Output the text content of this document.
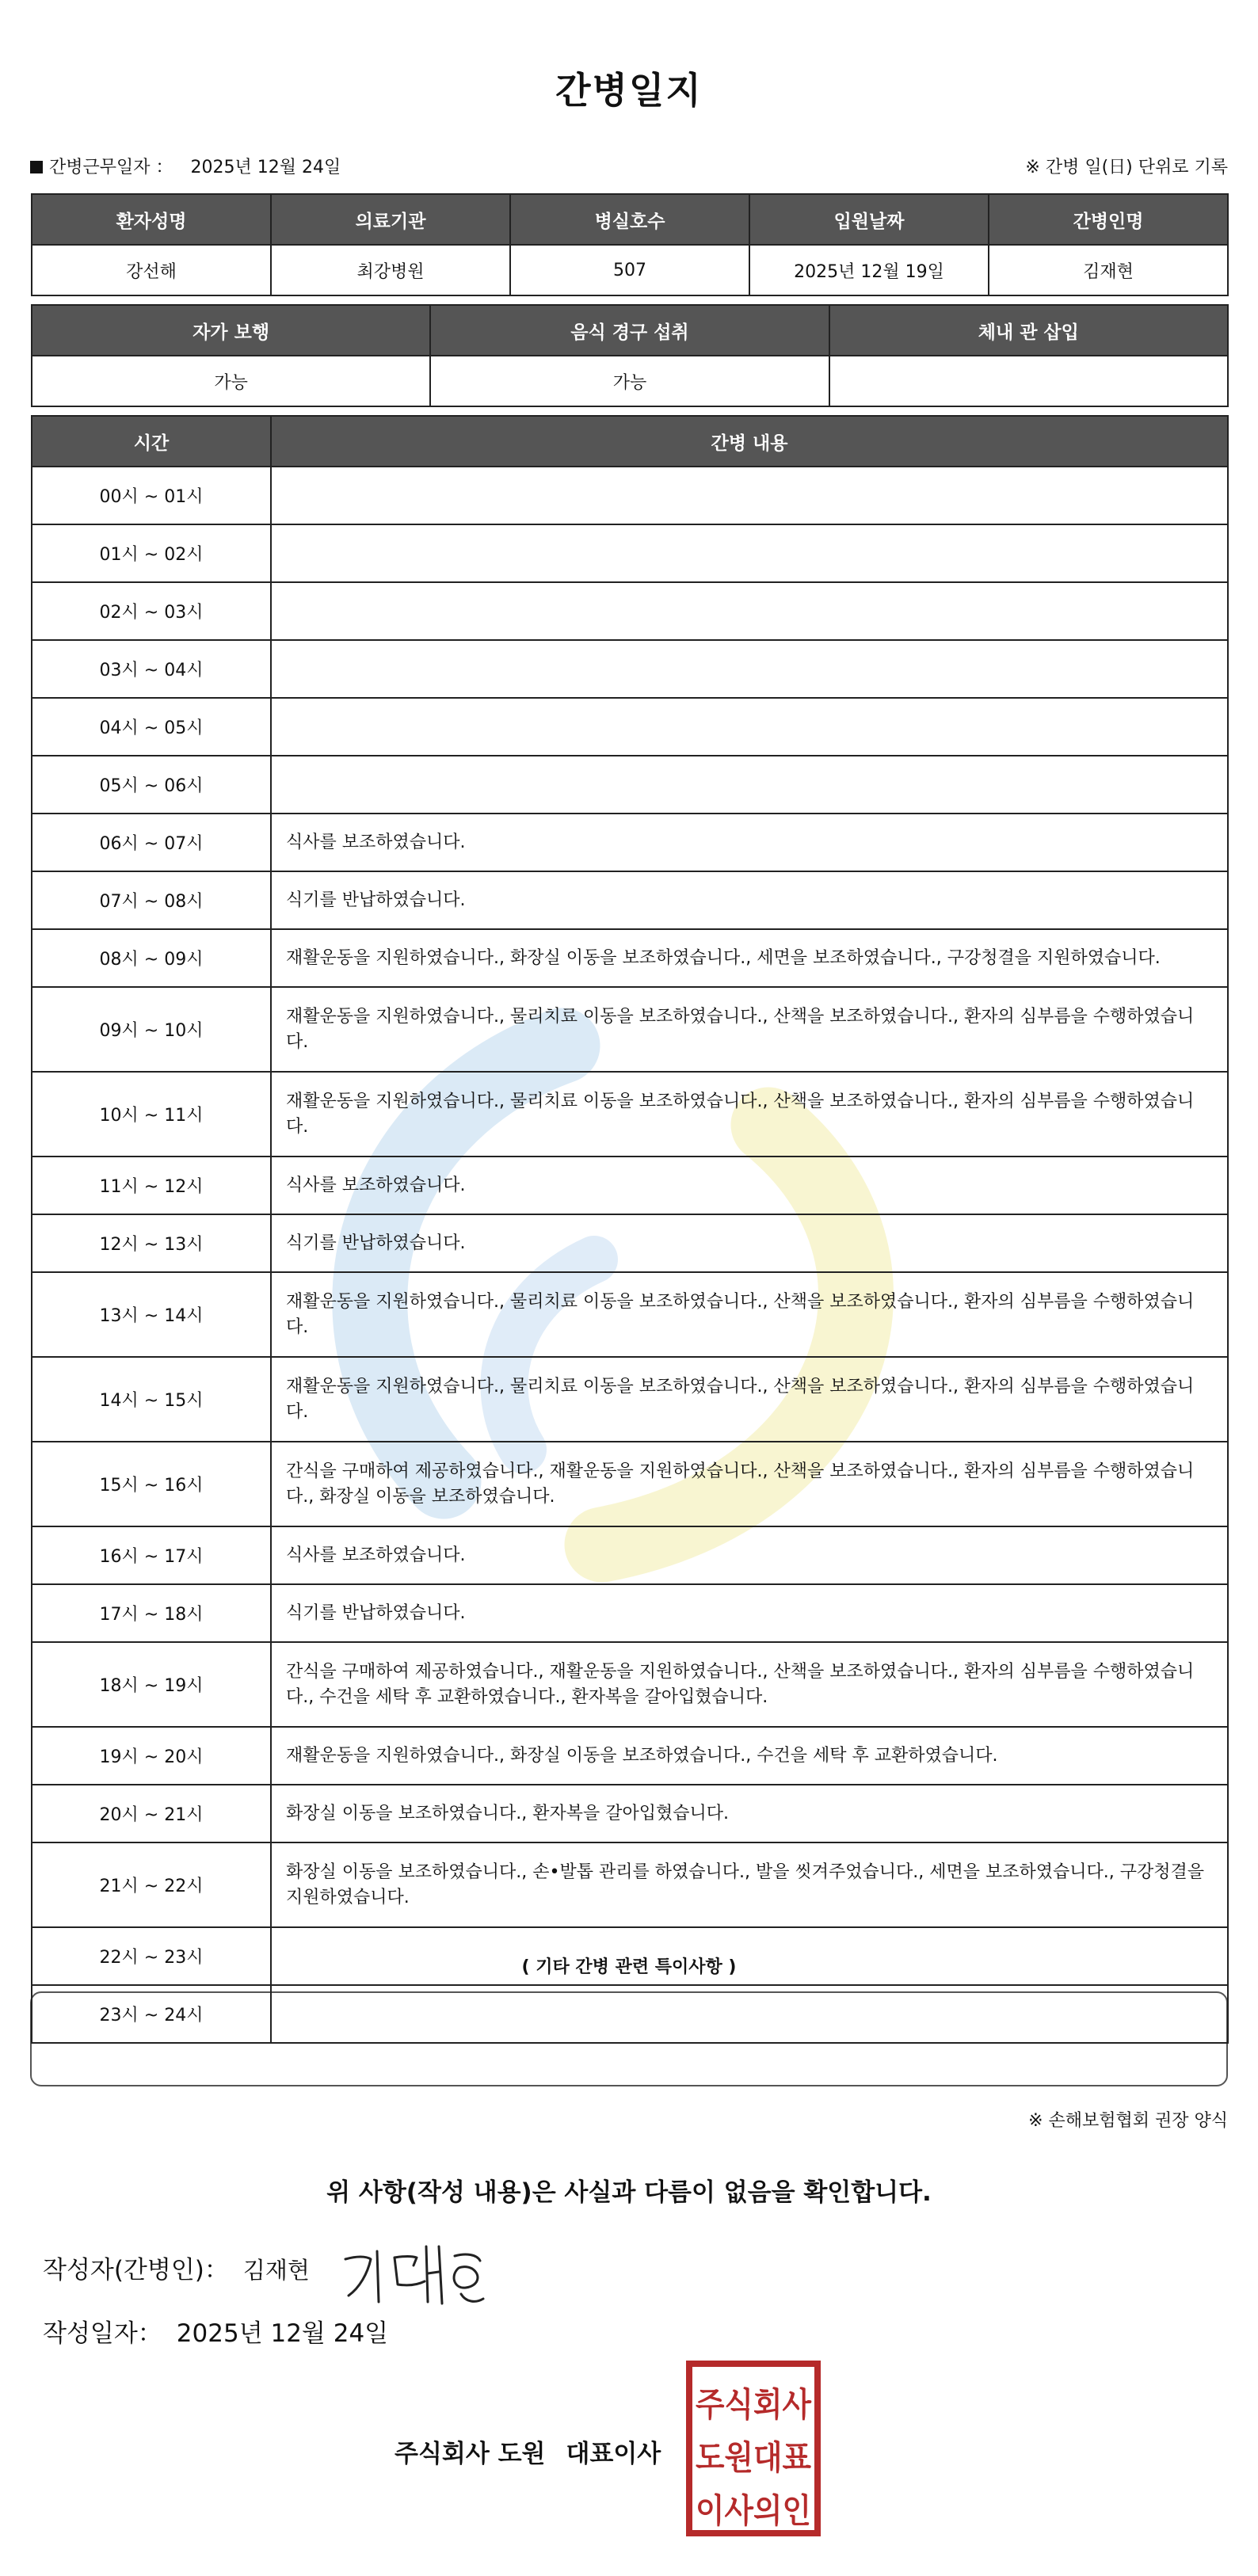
간병일지
간병근무일자 ： 2025년 12월 24일	※ 간병 일(日) 단위로 기록
환자성명	의료기관	병실호수	입원날짜	간병인명
강선해	최강병원	507	2025년 12월 19일	김재현
자가 보행	음식 경구 섭취	체내 관 삽입
가능	가능	
시간	간병 내용
00시 ~ 01시	
01시 ~ 02시	
02시 ~ 03시	
03시 ~ 04시	
04시 ~ 05시	
05시 ~ 06시	
06시 ~ 07시	식사를 보조하였습니다.
07시 ~ 08시	식기를 반납하였습니다.
08시 ~ 09시	재활운동을 지원하였습니다., 화장실 이동을 보조하였습니다., 세면을 보조하였습니다., 구강청결을 지원하였습니다.
09시 ~ 10시	재활운동을 지원하였습니다., 물리치료 이동을 보조하였습니다., 산책을 보조하였습니다., 환자의 심부름을 수행하였습니다.
10시 ~ 11시	재활운동을 지원하였습니다., 물리치료 이동을 보조하였습니다., 산책을 보조하였습니다., 환자의 심부름을 수행하였습니다.
11시 ~ 12시	식사를 보조하였습니다.
12시 ~ 13시	식기를 반납하였습니다.
13시 ~ 14시	재활운동을 지원하였습니다., 물리치료 이동을 보조하였습니다., 산책을 보조하였습니다., 환자의 심부름을 수행하였습니다.
14시 ~ 15시	재활운동을 지원하였습니다., 물리치료 이동을 보조하였습니다., 산책을 보조하였습니다., 환자의 심부름을 수행하였습니다.
15시 ~ 16시	간식을 구매하여 제공하였습니다., 재활운동을 지원하였습니다., 산책을 보조하였습니다., 환자의 심부름을 수행하였습니다., 화장실 이동을 보조하였습니다.
16시 ~ 17시	식사를 보조하였습니다.
17시 ~ 18시	식기를 반납하였습니다.
18시 ~ 19시	간식을 구매하여 제공하였습니다., 재활운동을 지원하였습니다., 산책을 보조하였습니다., 환자의 심부름을 수행하였습니다., 수건을 세탁 후 교환하였습니다., 환자복을 갈아입혔습니다.
19시 ~ 20시	재활운동을 지원하였습니다., 화장실 이동을 보조하였습니다., 수건을 세탁 후 교환하였습니다.
20시 ~ 21시	화장실 이동을 보조하였습니다., 환자복을 갈아입혔습니다.
21시 ~ 22시	화장실 이동을 보조하였습니다., 손•발톱 관리를 하였습니다., 발을 씻겨주었습니다., 세면을 보조하였습니다., 구강청결을 지원하였습니다.
22시 ~ 23시	
23시 ~ 24시	
( 기타 간병 관련 특이사항 )
※ 손해보험협회 권장 양식
위 사항(작성 내용)은 사실과 다름이 없음을 확인합니다.
작성자(간병인)： 김재현
작성일자： 2025년 12월 24일
주식회사 도원 대표이사
주식회사
도원대표
이사의인
